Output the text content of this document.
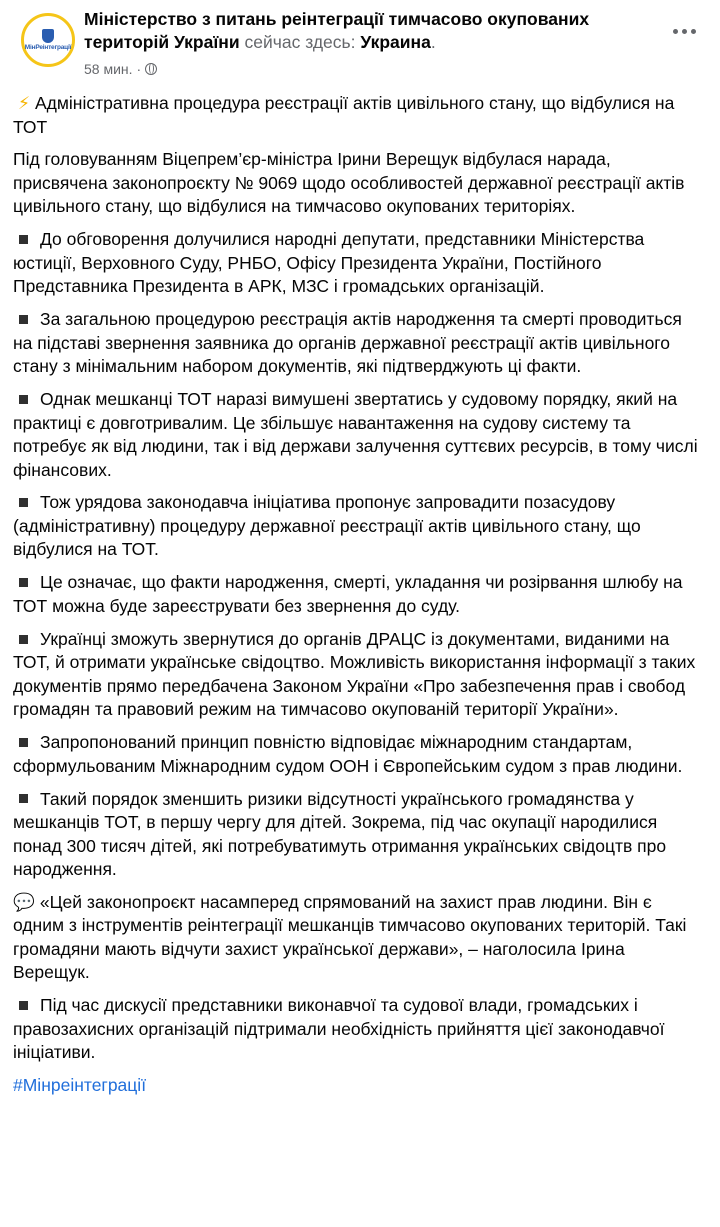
МінРеінтеграції
Міністерство з питань реінтеграції тимчасово окупованих територій України сейчас здесь: Украина.
58 мин. ·

⚡ Адміністративна процедура реєстрації актів цивільного стану, що відбулися на ТОТ

Під головуванням Віцепрем’єр-міністра Ірини Верещук відбулася нарада, присвячена законопроєкту № 9069 щодо особливостей державної реєстрації актів цивільного стану, що відбулися на тимчасово окупованих територіях.

До обговорення долучилися народні депутати, представники Міністерства юстиції, Верховного Суду, РНБО, Офісу Президента України, Постійного Представника Президента в АРК, МЗС і громадських організацій.

За загальною процедурою реєстрація актів народження та смерті проводиться на підставі звернення заявника до органів державної реєстрації актів цивільного стану з мінімальним набором документів, які підтверджують ці факти.

Однак мешканці ТОТ наразі вимушені звертатись у судовому порядку, який на практиці є довготривалим. Це збільшує навантаження на судову систему та потребує як від людини, так і від держави залучення суттєвих ресурсів, в тому числі фінансових.

Тож урядова законодавча ініціатива пропонує запровадити позасудову (адміністративну) процедуру державної реєстрації актів цивільного стану, що відбулися на ТОТ.

Це означає, що факти народження, смерті, укладання чи розірвання шлюбу на ТОТ можна буде зареєструвати без звернення до суду.

Українці зможуть звернутися до органів ДРАЦС із документами, виданими на ТОТ, й отримати українське свідоцтво. Можливість використання інформації з таких документів прямо передбачена Законом України «Про забезпечення прав і свобод громадян та правовий режим на тимчасово окупованій території України».

Запропонований принцип повністю відповідає міжнародним стандартам, сформульованим Міжнародним судом ООН і Європейським судом з прав людини.

Такий порядок зменшить ризики відсутності українського громадянства у мешканців ТОТ, в першу чергу для дітей. Зокрема, під час окупації народилися понад 300 тисяч дітей, які потребуватимуть отримання українських свідоцтв про народження.

💬 «Цей законопроєкт насамперед спрямований на захист прав людини. Він є одним з інструментів реінтеграції мешканців тимчасово окупованих територій. Такі громадяни мають відчути захист української держави», – наголосила Ірина Верещук.

Під час дискусії представники виконавчої та судової влади, громадських і правозахисних організацій підтримали необхідність прийняття цієї законодавчої ініціативи.

#Мінреінтеграції
